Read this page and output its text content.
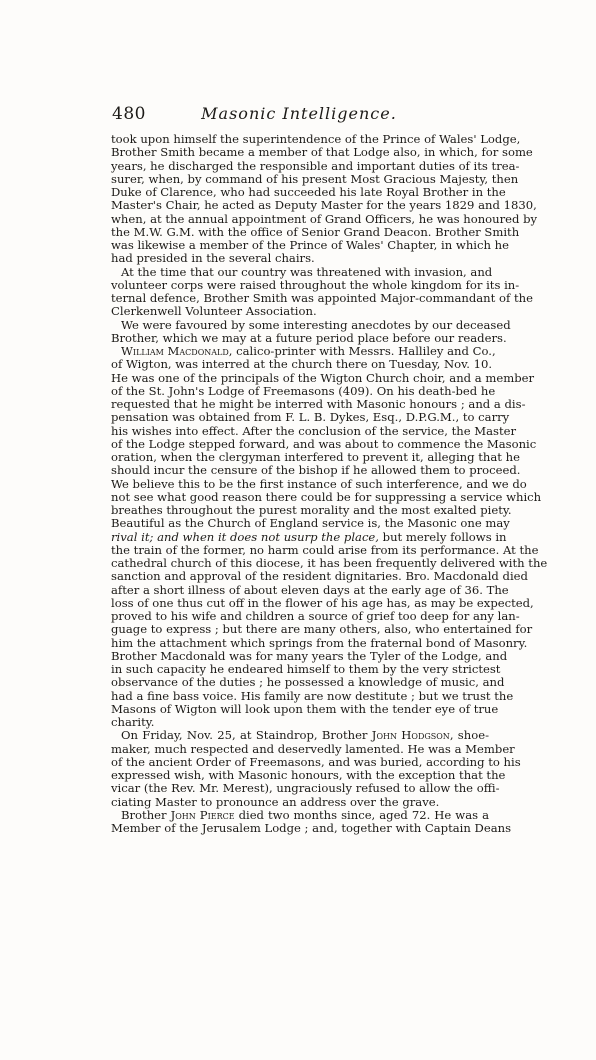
480	Masonic Intelligence.
took upon himself the superintendence of the Prince of Wales' Lodge,
Brother Smith became a member of that Lodge also, in which, for some
years, he discharged the responsible and important duties of its trea-
surer, when, by command of his present Most Gracious Majesty, then
Duke of Clarence, who had succeeded his late Royal Brother in the
Master's Chair, he acted as Deputy Master for the years 1829 and 1830,
when, at the annual appointment of Grand Officers, he was honoured by
the M.W. G.M. with the office of Senior Grand Deacon. Brother Smith
was likewise a member of the Prince of Wales' Chapter, in which he
had presided in the several chairs.
At the time that our country was threatened with invasion, and
volunteer corps were raised throughout the whole kingdom for its in-
ternal defence, Brother Smith was appointed Major-commandant of the
Clerkenwell Volunteer Association.
We were favoured by some interesting anecdotes by our deceased
Brother, which we may at a future period place before our readers.
William Macdonald, calico-printer with Messrs. Halliley and Co.,
of Wigton, was interred at the church there on Tuesday, Nov. 10.
He was one of the principals of the Wigton Church choir, and a member
of the St. John's Lodge of Freemasons (409). On his death-bed he
requested that he might be interred with Masonic honours ; and a dis-
pensation was obtained from F. L. B. Dykes, Esq., D.P.G.M., to carry
his wishes into effect. After the conclusion of the service, the Master
of the Lodge stepped forward, and was about to commence the Masonic
oration, when the clergyman interfered to prevent it, alleging that he
should incur the censure of the bishop if he allowed them to proceed.
We believe this to be the first instance of such interference, and we do
not see what good reason there could be for suppressing a service which
breathes throughout the purest morality and the most exalted piety.
Beautiful as the Church of England service is, the Masonic one may
rival it; and when it does not usurp the place, but merely follows in
the train of the former, no harm could arise from its performance. At the
cathedral church of this diocese, it has been frequently delivered with the
sanction and approval of the resident dignitaries. Bro. Macdonald died
after a short illness of about eleven days at the early age of 36. The
loss of one thus cut off in the flower of his age has, as may be expected,
proved to his wife and children a source of grief too deep for any lan-
guage to express ; but there are many others, also, who entertained for
him the attachment which springs from the fraternal bond of Masonry.
Brother Macdonald was for many years the Tyler of the Lodge, and
in such capacity he endeared himself to them by the very strictest
observance of the duties ; he possessed a knowledge of music, and
had a fine bass voice. His family are now destitute ; but we trust the
Masons of Wigton will look upon them with the tender eye of true
charity.
On Friday, Nov. 25, at Staindrop, Brother John Hodgson, shoe-
maker, much respected and deservedly lamented. He was a Member
of the ancient Order of Freemasons, and was buried, according to his
expressed wish, with Masonic honours, with the exception that the
vicar (the Rev. Mr. Merest), ungraciously refused to allow the offi-
ciating Master to pronounce an address over the grave.
Brother John Pierce died two months since, aged 72. He was a
Member of the Jerusalem Lodge ; and, together with Captain Deans
